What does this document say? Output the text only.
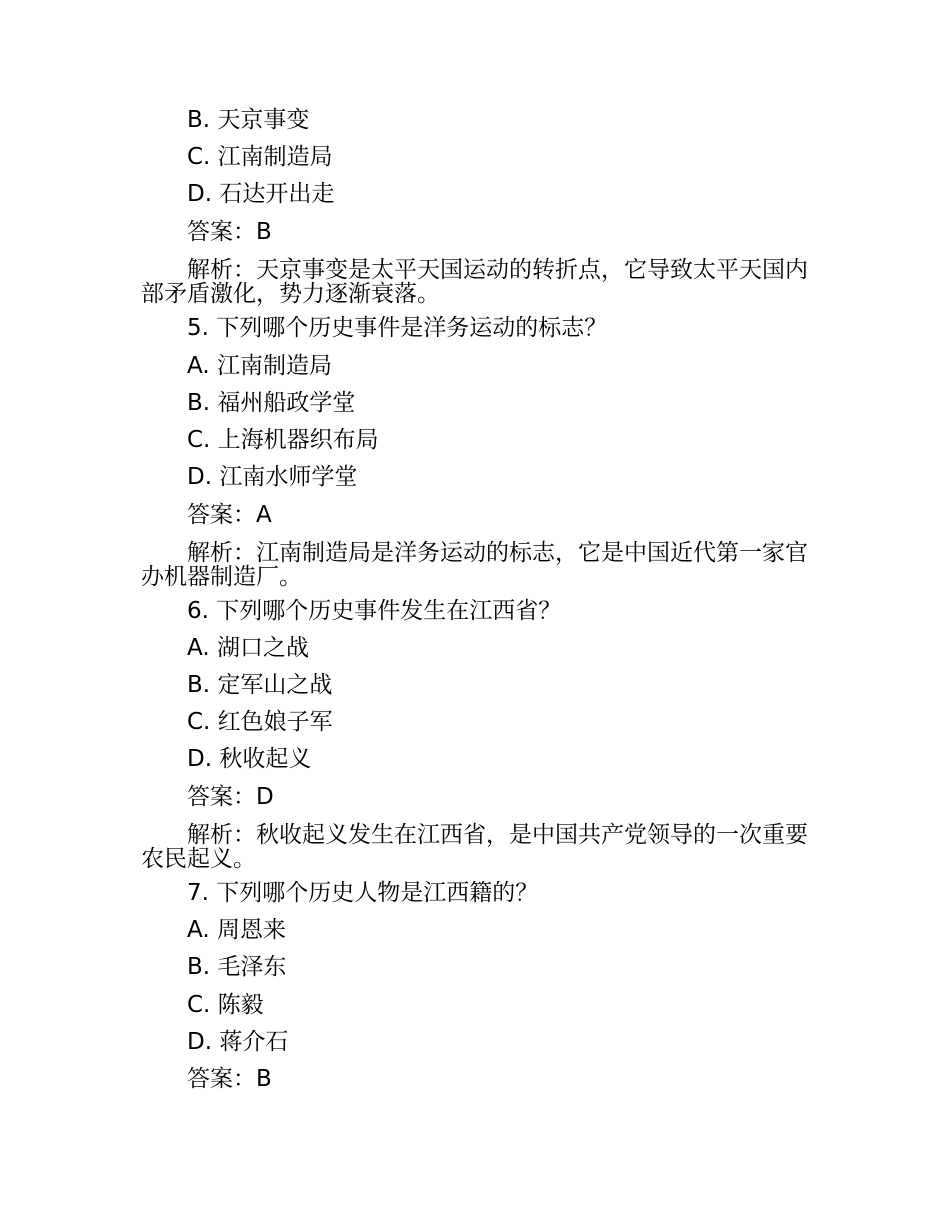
B. 天京事变
C. 江南制造局
D. 石达开出走
答案：B
解析：天京事变是太平天国运动的转折点，它导致太平天国内部矛盾激化，势力逐渐衰落。
5. 下列哪个历史事件是洋务运动的标志？
A. 江南制造局
B. 福州船政学堂
C. 上海机器织布局
D. 江南水师学堂
答案：A
解析：江南制造局是洋务运动的标志，它是中国近代第一家官办机器制造厂。
6. 下列哪个历史事件发生在江西省？
A. 湖口之战
B. 定军山之战
C. 红色娘子军
D. 秋收起义
答案：D
解析：秋收起义发生在江西省，是中国共产党领导的一次重要农民起义。
7. 下列哪个历史人物是江西籍的？
A. 周恩来
B. 毛泽东
C. 陈毅
D. 蒋介石
答案：B
